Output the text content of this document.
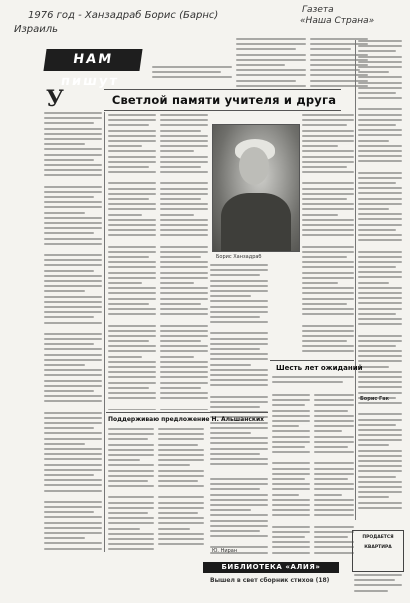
1976 год - Ханзадраб Борис (Барнс)
Израиль
Газета
«Наша Страна»
НАМ пишут
Светлой памяти учителя и друга
У
Борис Ханзадраб
Борис Гак
Шесть лет ожиданий
Поддерживаю предложение Н. Альшанских
Ю. Ниран
БИБЛИОТЕКА «АЛИЯ»
Вышел в свет сборник стихов (18)
ПРОДАЕТСЯ
КВАРТИРА
